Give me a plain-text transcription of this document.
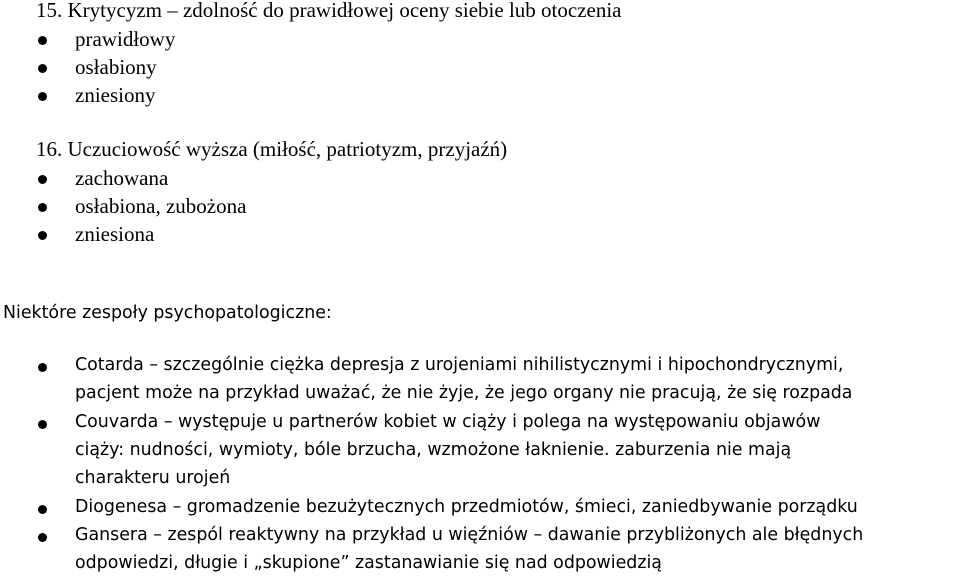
15. Krytycyzm – zdolność do prawidłowej oceny siebie lub otoczenia
prawidłowy
osłabiony
zniesiony
16. Uczuciowość wyższa (miłość, patriotyzm, przyjaźń)
zachowana
osłabiona, zubożona
zniesiona
Niektóre zespoły psychopatologiczne:
Cotarda – szczególnie ciężka depresja z urojeniami nihilistycznymi i hipochondrycznymi,
pacjent może na przykład uważać, że nie żyje, że jego organy nie pracują, że się rozpada
Couvarda – występuje u partnerów kobiet w ciąży i polega na występowaniu objawów
ciąży: nudności, wymioty, bóle brzucha, wzmożone łaknienie. zaburzenia nie mają
charakteru urojeń
Diogenesa – gromadzenie bezużytecznych przedmiotów, śmieci, zaniedbywanie porządku
Gansera – zespól reaktywny na przykład u więźniów – dawanie przybliżonych ale błędnych
odpowiedzi, długie i „skupione” zastanawianie się nad odpowiedzią
